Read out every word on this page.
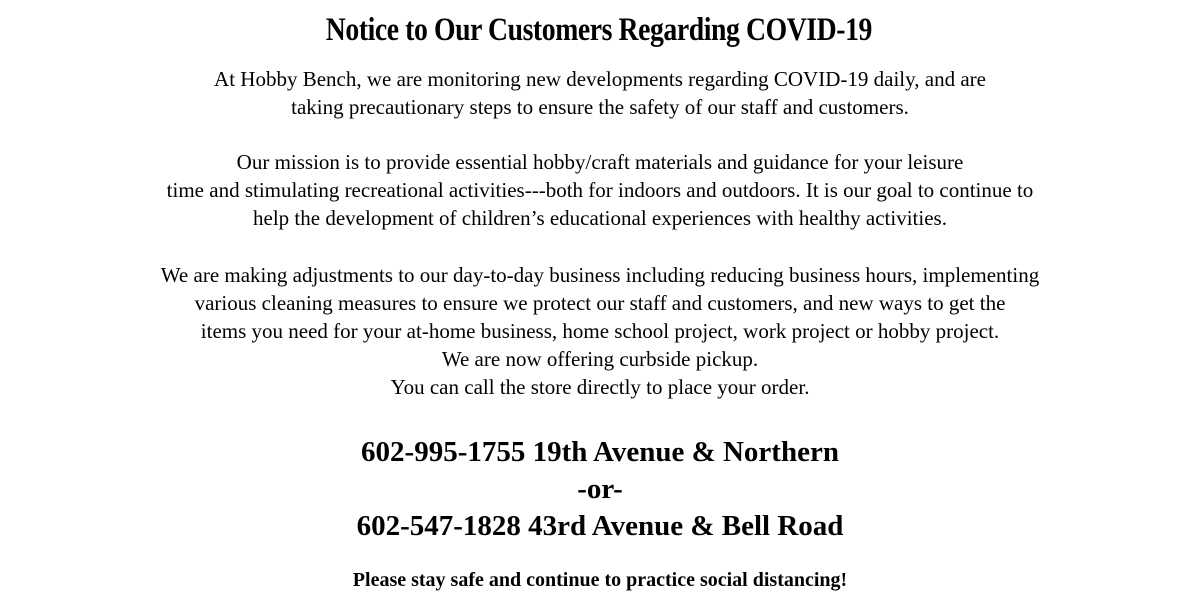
Notice to Our Customers Regarding COVID-19

At Hobby Bench, we are monitoring new developments regarding COVID-19 daily, and are
taking precautionary steps to ensure the safety of our staff and customers.

Our mission is to provide essential hobby/craft materials and guidance for your leisure
time and stimulating recreational activities---both for indoors and outdoors. It is our goal to continue to
help the development of children’s educational experiences with healthy activities.

We are making adjustments to our day-to-day business including reducing business hours, implementing
various cleaning measures to ensure we protect our staff and customers, and new ways to get the
items you need for your at-home business, home school project, work project or hobby project.
We are now offering curbside pickup.
You can call the store directly to place your order.

602-995-1755 19th Avenue & Northern
-or-
602-547-1828 43rd Avenue & Bell Road

Please stay safe and continue to practice social distancing!
